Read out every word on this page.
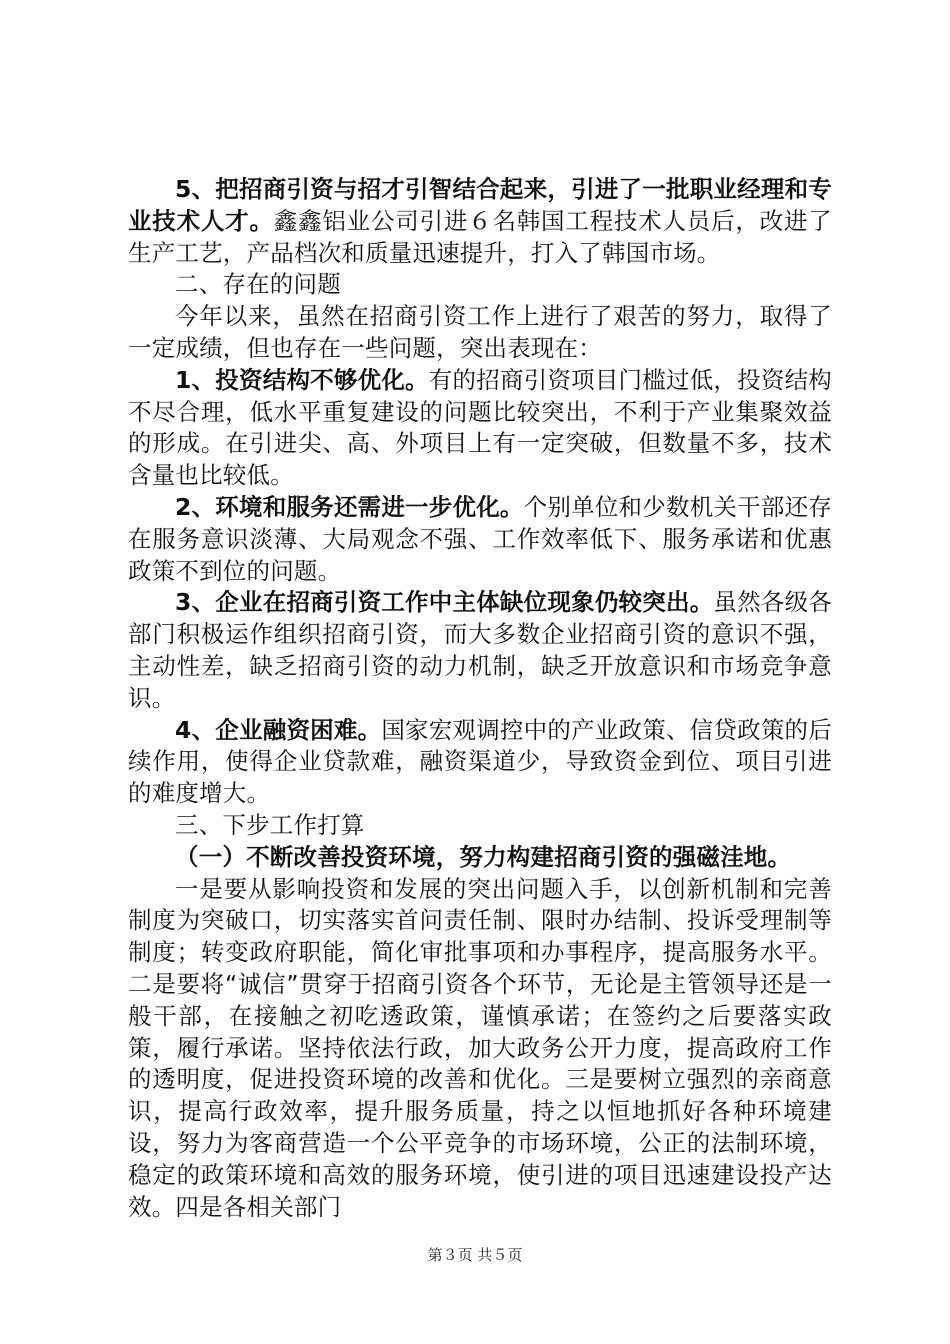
5、把招商引资与招才引智结合起来，引进了一批职业经理和专业技术人才。鑫鑫铝业公司引进６名韩国工程技术人员后，改进了生产工艺，产品档次和质量迅速提升，打入了韩国市场。

二、存在的问题

今年以来，虽然在招商引资工作上进行了艰苦的努力，取得了一定成绩，但也存在一些问题，突出表现在：

1、投资结构不够优化。有的招商引资项目门槛过低，投资结构不尽合理，低水平重复建设的问题比较突出，不利于产业集聚效益的形成。在引进尖、高、外项目上有一定突破，但数量不多，技术含量也比较低。

2、环境和服务还需进一步优化。个别单位和少数机关干部还存在服务意识淡薄、大局观念不强、工作效率低下、服务承诺和优惠政策不到位的问题。

3、企业在招商引资工作中主体缺位现象仍较突出。虽然各级各部门积极运作组织招商引资，而大多数企业招商引资的意识不强，主动性差，缺乏招商引资的动力机制，缺乏开放意识和市场竞争意识。

4、企业融资困难。国家宏观调控中的产业政策、信贷政策的后续作用，使得企业贷款难，融资渠道少，导致资金到位、项目引进的难度增大。

三、下步工作打算

（一）不断改善投资环境，努力构建招商引资的强磁洼地。

一是要从影响投资和发展的突出问题入手，以创新机制和完善制度为突破口，切实落实首问责任制、限时办结制、投诉受理制等制度；转变政府职能，简化审批事项和办事程序，提高服务水平。二是要将“诚信”贯穿于招商引资各个环节，无论是主管领导还是一般干部，在接触之初吃透政策，谨慎承诺；在签约之后要落实政策，履行承诺。坚持依法行政，加大政务公开力度，提高政府工作的透明度，促进投资环境的改善和优化。三是要树立强烈的亲商意识，提高行政效率，提升服务质量，持之以恒地抓好各种环境建设，努力为客商营造一个公平竞争的市场环境，公正的法制环境，稳定的政策环境和高效的服务环境，使引进的项目迅速建设投产达效。四是各相关部门

第３页 共５页
